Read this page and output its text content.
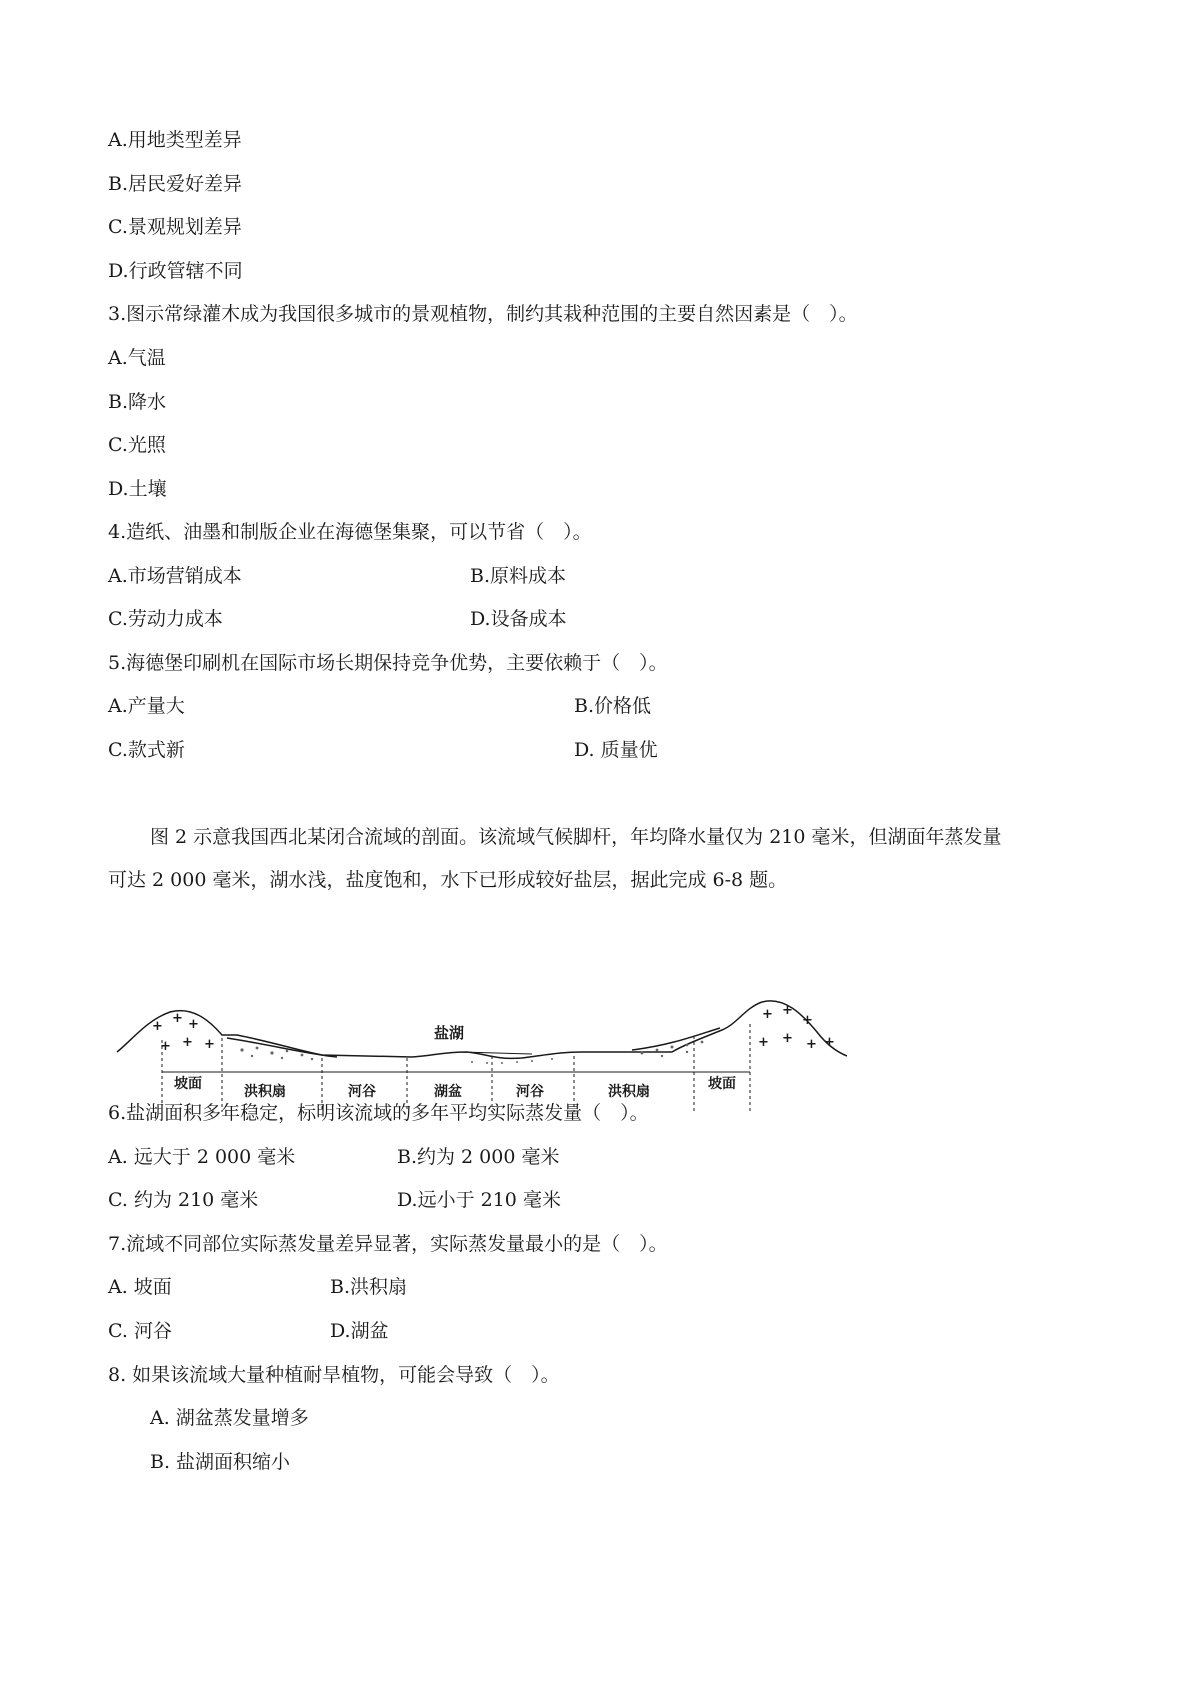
A.用地类型差异
B.居民爱好差异
C.景观规划差异
D.行政管辖不同
3.图示常绿灌木成为我国很多城市的景观植物，制约其栽种范围的主要自然因素是（　）。
A.气温
B.降水
C.光照
D.土壤
4.造纸、油墨和制版企业在海德堡集聚，可以节省（　）。
A.市场营销成本	B.原料成本
C.劳动力成本	D.设备成本
5.海德堡印刷机在国际市场长期保持竞争优势，主要依赖于（　）。
A.产量大	B.价格低
C.款式新	D. 质量优
图 2 示意我国西北某闭合流域的剖面。该流域气候脚杆，年均降水量仅为 210 毫米，但湖面年蒸发量
可达 2 000 毫米，湖水浅，盐度饱和，水下已形成较好盐层，据此完成 6-8 题。
+
+ +
+ + +
+ +
+
+ + + +
盐湖
坡面	洪积扇	河谷	湖盆	河谷	洪积扇	坡面
6.盐湖面积多年稳定，标明该流域的多年平均实际蒸发量（　）。
A. 远大于 2 000 毫米	B.约为 2 000 毫米
C. 约为 210 毫米	D.远小于 210 毫米
7.流域不同部位实际蒸发量差异显著，实际蒸发量最小的是（　）。
A. 坡面	B.洪积扇
C. 河谷	D.湖盆
8. 如果该流域大量种植耐旱植物，可能会导致（　）。
A. 湖盆蒸发量增多
B. 盐湖面积缩小
